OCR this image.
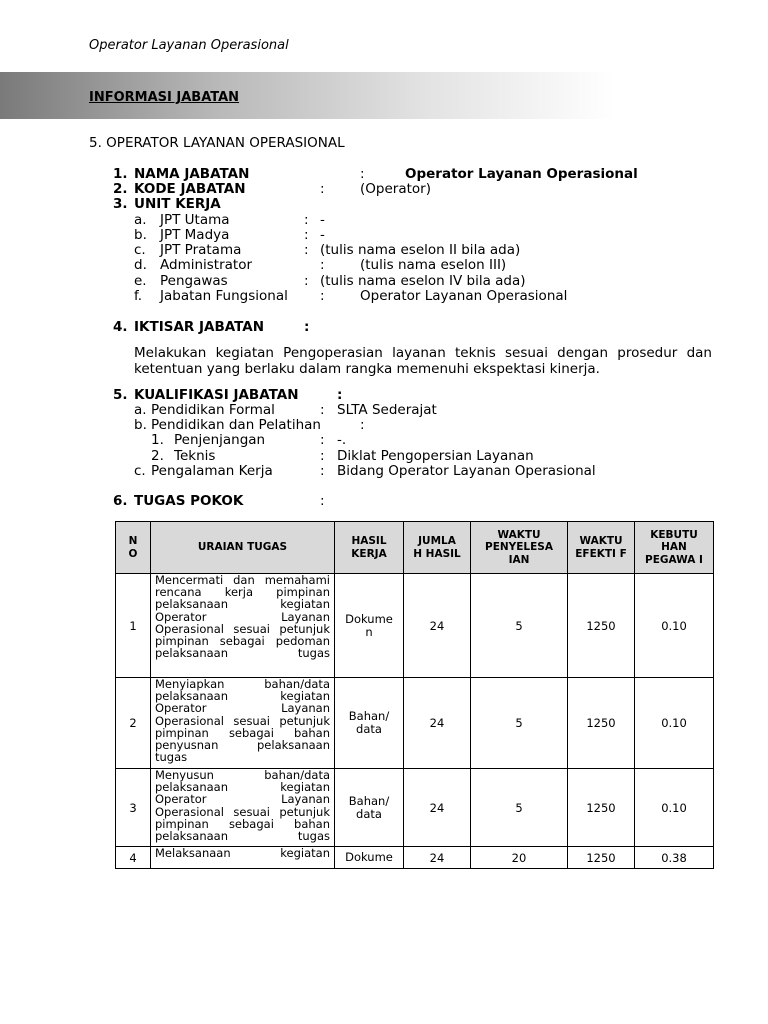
Operator Layanan Operasional
INFORMASI JABATAN
5. OPERATOR LAYANAN OPERASIONAL
1. NAMA JABATAN	:	Operator Layanan Operasional
2. KODE JABATAN	:	(Operator)
3. UNIT KERJA
a. JPT Utama	: -
b. JPT Madya	: -
c. JPT Pratama	: (tulis nama eselon II bila ada)
d. Administrator	:	(tulis nama eselon III)
e. Pengawas	: (tulis nama eselon IV bila ada)
f. Jabatan Fungsional :	Operator Layanan Operasional
4. IKTISAR JABATAN	:
Melakukan kegiatan Pengoperasian layanan teknis sesuai dengan prosedur dan ketentuan yang berlaku dalam rangka memenuhi ekspektasi kinerja.
5. KUALIFIKASI JABATAN	:
a. Pendidikan Formal	: SLTA Sederajat
b. Pendidikan dan Pelatihan	:
1. Penjenjangan	: -.
2. Teknis	: Diklat Pengopersian Layanan
c. Pengalaman Kerja	: Bidang Operator Layanan Operasional
6. TUGAS POKOK	:
N O	URAIAN TUGAS	HASIL KERJA	JUMLA H HASIL	WAKTU PENYELESA IAN	WAKTU EFEKTI F	KEBUTU HAN PEGAWA I
1	Mencermati dan memahami rencana kerja pimpinan pelaksanaan kegiatan Operator Layanan Operasional sesuai petunjuk pimpinan sebagai pedoman pelaksanaan tugas	Dokume n	24	5	1250	0.10
2	Menyiapkan bahan/data pelaksanaan kegiatan Operator Layanan Operasional sesuai petunjuk pimpinan sebagai bahan penyusnan pelaksanaan tugas	Bahan/ data	24	5	1250	0.10
3	Menyusun bahan/data pelaksanaan kegiatan Operator Layanan Operasional sesuai petunjuk pimpinan sebagai bahan pelaksanaan tugas	Bahan/ data	24	5	1250	0.10
4	Melaksanaan kegiatan	Dokume	24	20	1250	0.38
